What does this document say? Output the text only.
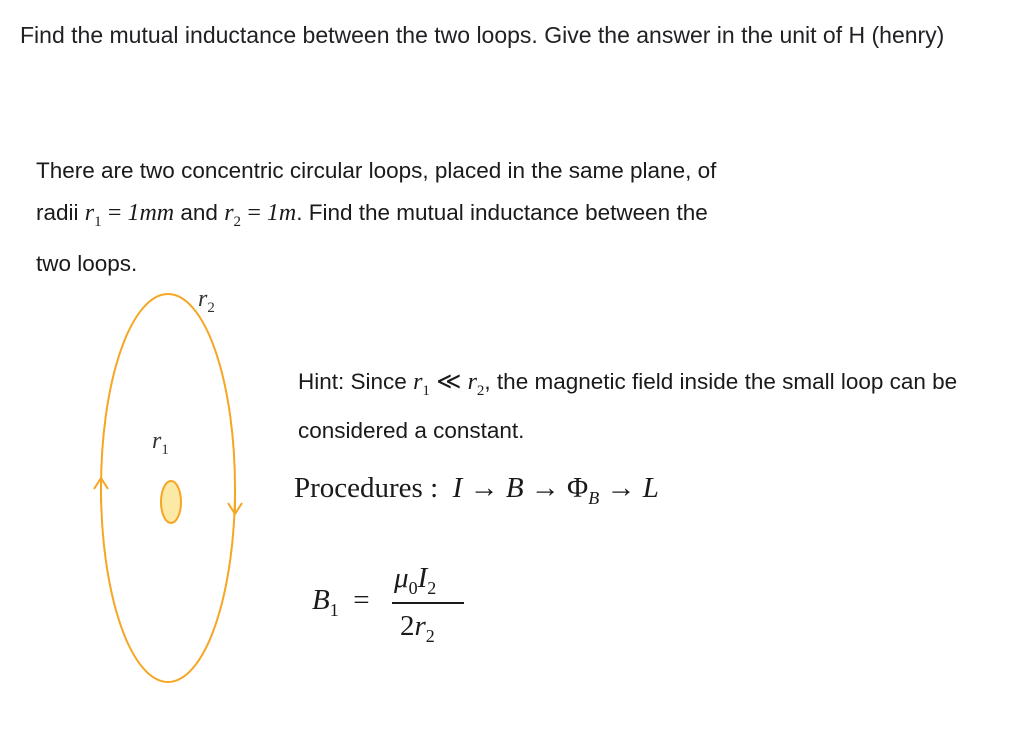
Find the mutual inductance between the two loops. Give the answer in the unit of H (henry)
There are two concentric circular loops, placed in the same plane, of
radii $r_1 = 1mm$ and $r_2 = 1m$. Find the mutual inductance between the
two loops.
$r_2$
$r_1$
Hint: Since $r_1$ ≪ $r_2$, the magnetic field inside the small loop can be considered a constant.
Procedures : $I \to B \to \Phi_B \to L$
$B_1$ =
$\mu_0I_2$
$2r_2$
